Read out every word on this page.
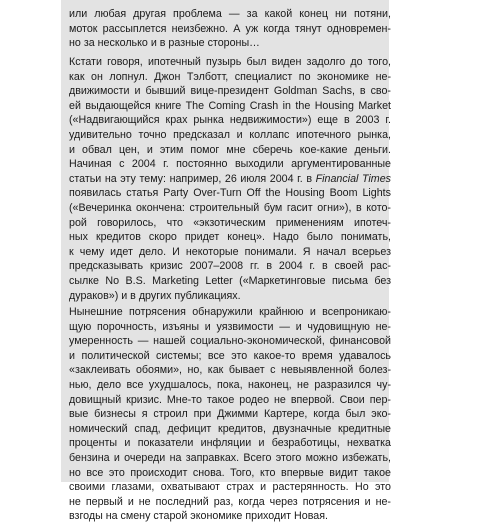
или любая другая проблема — за какой конец ни потяни,
моток рассыплется неизбежно. А уж когда тянут одновремен-
но за несколько и в разные стороны…
Кстати говоря, ипотечный пузырь был виден задолго до того,
как он лопнул. Джон Тэлботт, специалист по экономике не-
движимости и бывший вице-президент Goldman Sachs, в сво-
ей выдающейся книге The Coming Crash in the Housing Market
(«Надвигающийся крах рынка недвижимости») еще в 2003 г.
удивительно точно предсказал и коллапс ипотечного рынка,
и обвал цен, и этим помог мне сберечь кое-какие деньги.
Начиная с 2004 г. постоянно выходили аргументированные
статьи на эту тему: например, 26 июля 2004 г. в Financial Times
появилась статья Party Over-Turn Off the Housing Boom Lights
(«Вечеринка окончена: строительный бум гасит огни»), в кото-
рой говорилось, что «экзотическим применениям ипотеч-
ных кредитов скоро придет конец». Надо было понимать,
к чему идет дело. И некоторые понимали. Я начал всерьез
предсказывать кризис 2007–2008 гг. в 2004 г. в своей рас-
сылке No B.S. Marketing Letter («Маркетинговые письма без
дураков») и в других публикациях.
Нынешние потрясения обнаружили крайнюю и всепроникаю-
щую порочность, изъяны и уязвимости — и чудовищную не-
умеренность — нашей социально-экономической, финансовой
и политической системы; все это какое-то время удавалось
«заклеивать обоями», но, как бывает с невыявленной болез-
нью, дело все ухудшалось, пока, наконец, не разразился чу-
довищный кризис. Мне-то такое родео не впервой. Свои пер-
вые бизнесы я строил при Джимми Картере, когда был эко-
номический спад, дефицит кредитов, двузначные кредитные
проценты и показатели инфляции и безработицы, нехватка
бензина и очереди на заправках. Всего этого можно избежать,
но все это происходит снова. Того, кто впервые видит такое
своими глазами, охватывают страх и растерянность. Но это
не первый и не последний раз, когда через потрясения и не-
взгоды на смену старой экономике приходит Новая.
